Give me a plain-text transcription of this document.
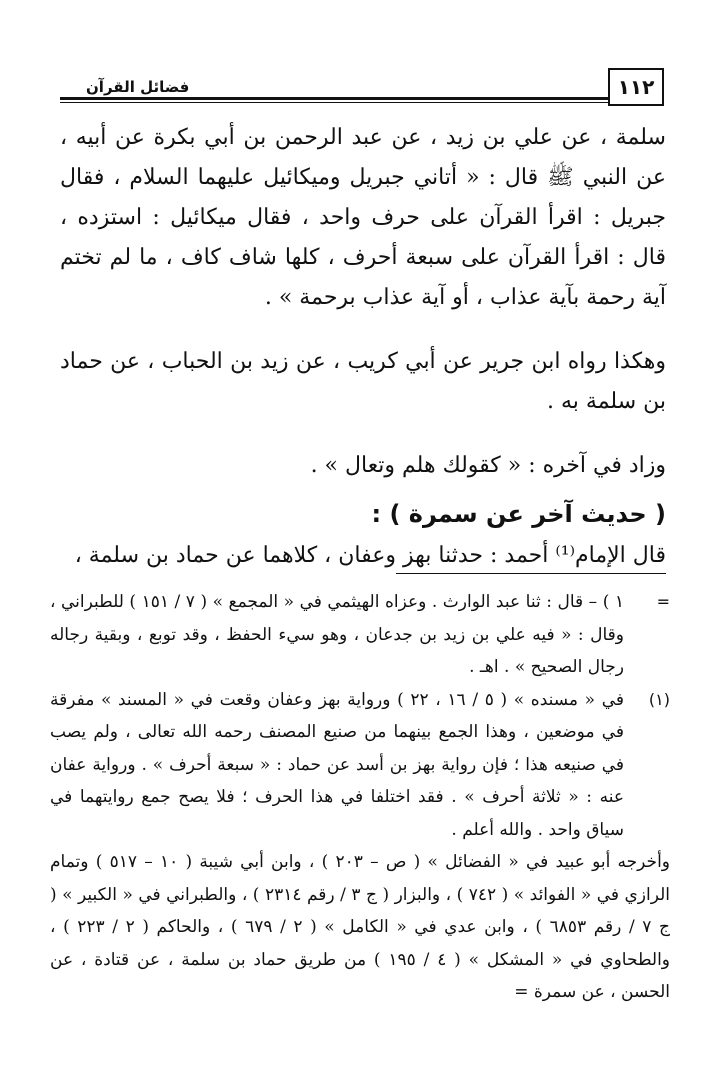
فضائل القرآن	١١٢

سلمة ، عن علي بن زيد ، عن عبد الرحمن بن أبي بكرة عن أبيه ، عن النبي ﷺ قال : « أتاني جبريل وميكائيل عليهما السلام ، فقال جبريل : اقرأ القرآن على حرف واحد ، فقال ميكائيل : استزده ، قال : اقرأ القرآن على سبعة أحرف ، كلها شاف كاف ، ما لم تختم آية رحمة بآية عذاب ، أو آية عذاب برحمة » .

وهكذا رواه ابن جرير عن أبي كريب ، عن زيد بن الحباب ، عن حماد بن سلمة به .

وزاد في آخره : « كقولك هلم وتعال » .

( حديث آخر عن سمرة ) :

قال الإمام⁽¹⁾ أحمد : حدثنا بهز وعفان ، كلاهما عن حماد بن سلمة ،

=
١ ) – قال : ثنا عبد الوارث . وعزاه الهيثمي في « المجمع » ( ٧ / ١٥١ ) للطبراني ، وقال : « فيه علي بن زيد بن جدعان ، وهو سيء الحفظ ، وقد توبع ، وبقية رجاله رجال الصحيح » . اهـ .

(١)
في « مسنده » ( ٥ / ١٦ ، ٢٢ ) ورواية بهز وعفان وقعت في « المسند » مفرقة في موضعين ، وهذا الجمع بينهما من صنيع المصنف رحمه الله تعالى ، ولم يصب في صنيعه هذا ؛ فإن رواية بهز بن أسد عن حماد : « سبعة أحرف » . ورواية عفان عنه : « ثلاثة أحرف » . فقد اختلفا في هذا الحرف ؛ فلا يصح جمع روايتهما في سياق واحد . والله أعلم .

وأخرجه أبو عبيد في « الفضائل » ( ص – ٢٠٣ ) ، وابن أبي شيبة ( ١٠ – ٥١٧ ) وتمام الرازي في « الفوائد » ( ٧٤٢ ) ، والبزار ( ج ٣ / رقم ٢٣١٤ ) ، والطبراني في « الكبير » ( ج ٧ / رقم ٦٨٥٣ ) ، وابن عدي في « الكامل » ( ٢ / ٦٧٩ ) ، والحاكم ( ٢ / ٢٢٣ ) ، والطحاوي في « المشكل » ( ٤ / ١٩٥ ) من طريق حماد بن سلمة ، عن قتادة ، عن الحسن ، عن سمرة =
